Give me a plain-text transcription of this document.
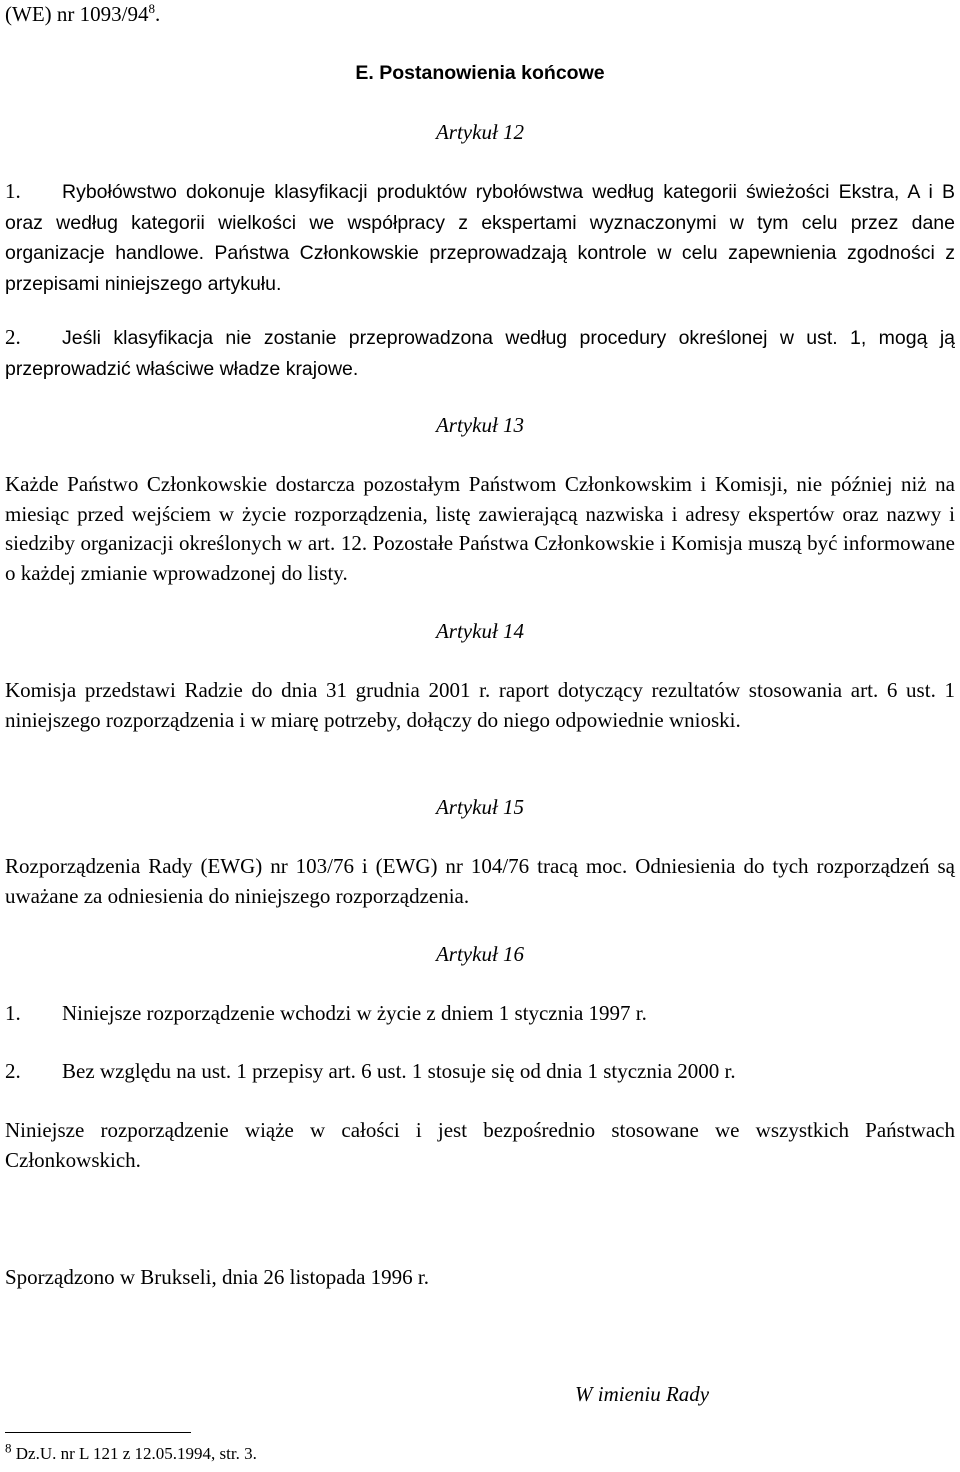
(WE) nr $1093/94^8$.

E. Postanowienia końcowe

Artykuł 12

1. Rybołówstwo dokonuje klasyfikacji produktów rybołówstwa według kategorii świeżości Ekstra, A i B oraz według kategorii wielkości we współpracy z ekspertami wyznaczonymi w tym celu przez dane organizacje handlowe. Państwa Członkowskie przeprowadzają kontrole w celu zapewnienia zgodności z przepisami niniejszego artykułu.

2. Jeśli klasyfikacja nie zostanie przeprowadzona według procedury określonej w ust. 1, mogą ją przeprowadzić właściwe władze krajowe.

Artykuł 13

Każde Państwo Członkowskie dostarcza pozostałym Państwom Członkowskim i Komisji, nie później niż na miesiąc przed wejściem w życie rozporządzenia, listę zawierającą nazwiska i adresy ekspertów oraz nazwy i siedziby organizacji określonych w art. 12. Pozostałe Państwa Członkowskie i Komisja muszą być informowane o każdej zmianie wprowadzonej do listy.

Artykuł 14

Komisja przedstawi Radzie do dnia 31 grudnia 2001 r. raport dotyczący rezultatów stosowania art. 6 ust. 1 niniejszego rozporządzenia i w miarę potrzeby, dołączy do niego odpowiednie wnioski.

Artykuł 15

Rozporządzenia Rady (EWG) nr 103/76 i (EWG) nr 104/76 tracą moc. Odniesienia do tych rozporządzeń są uważane za odniesienia do niniejszego rozporządzenia.

Artykuł 16

1. Niniejsze rozporządzenie wchodzi w życie z dniem 1 stycznia 1997 r.

2. Bez względu na ust. 1 przepisy art. 6 ust. 1 stosuje się od dnia 1 stycznia 2000 r.

Niniejsze rozporządzenie wiąże w całości i jest bezpośrednio stosowane we wszystkich Państwach Członkowskich.

Sporządzono w Brukseli, dnia 26 listopada 1996 r.

W imieniu Rady

$^8$ Dz.U. nr L 121 z 12.05.1994, str. 3.
